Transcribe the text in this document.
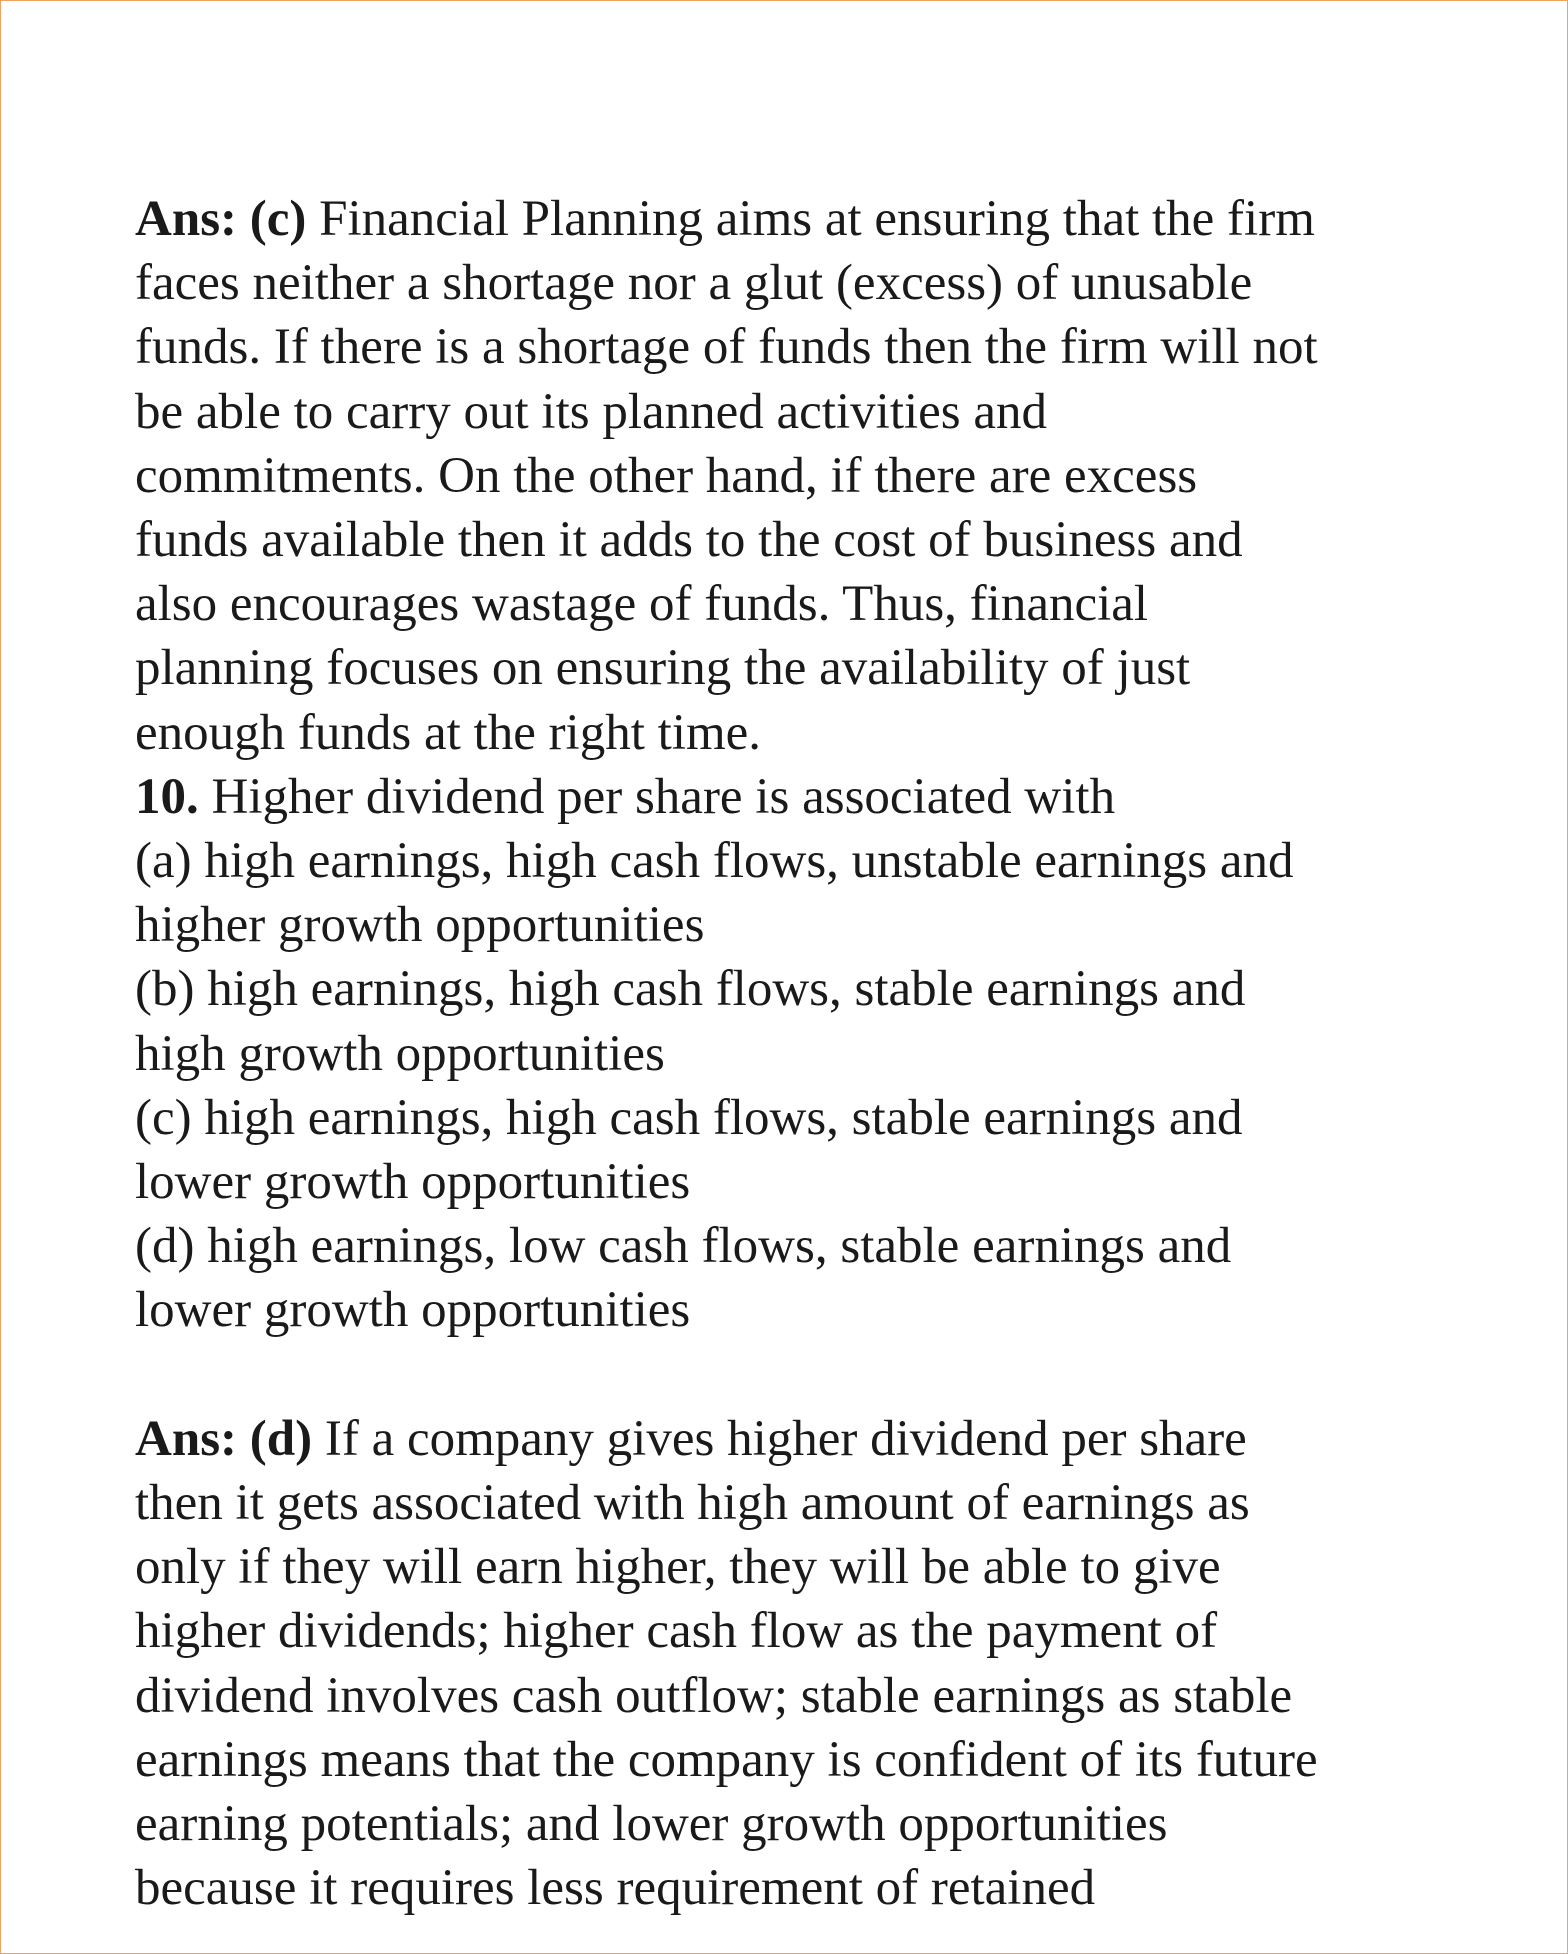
Ans: (c) Financial Planning aims at ensuring that the firm
faces neither a shortage nor a glut (excess) of unusable
funds. If there is a shortage of funds then the firm will not
be able to carry out its planned activities and
commitments. On the other hand, if there are excess
funds available then it adds to the cost of business and
also encourages wastage of funds. Thus, financial
planning focuses on ensuring the availability of just
enough funds at the right time.
10. Higher dividend per share is associated with
(a) high earnings, high cash flows, unstable earnings and
higher growth opportunities
(b) high earnings, high cash flows, stable earnings and
high growth opportunities
(c) high earnings, high cash flows, stable earnings and
lower growth opportunities
(d) high earnings, low cash flows, stable earnings and
lower growth opportunities
Ans: (d) If a company gives higher dividend per share
then it gets associated with high amount of earnings as
only if they will earn higher, they will be able to give
higher dividends; higher cash flow as the payment of
dividend involves cash outflow; stable earnings as stable
earnings means that the company is confident of its future
earning potentials; and lower growth opportunities
because it requires less requirement of retained
